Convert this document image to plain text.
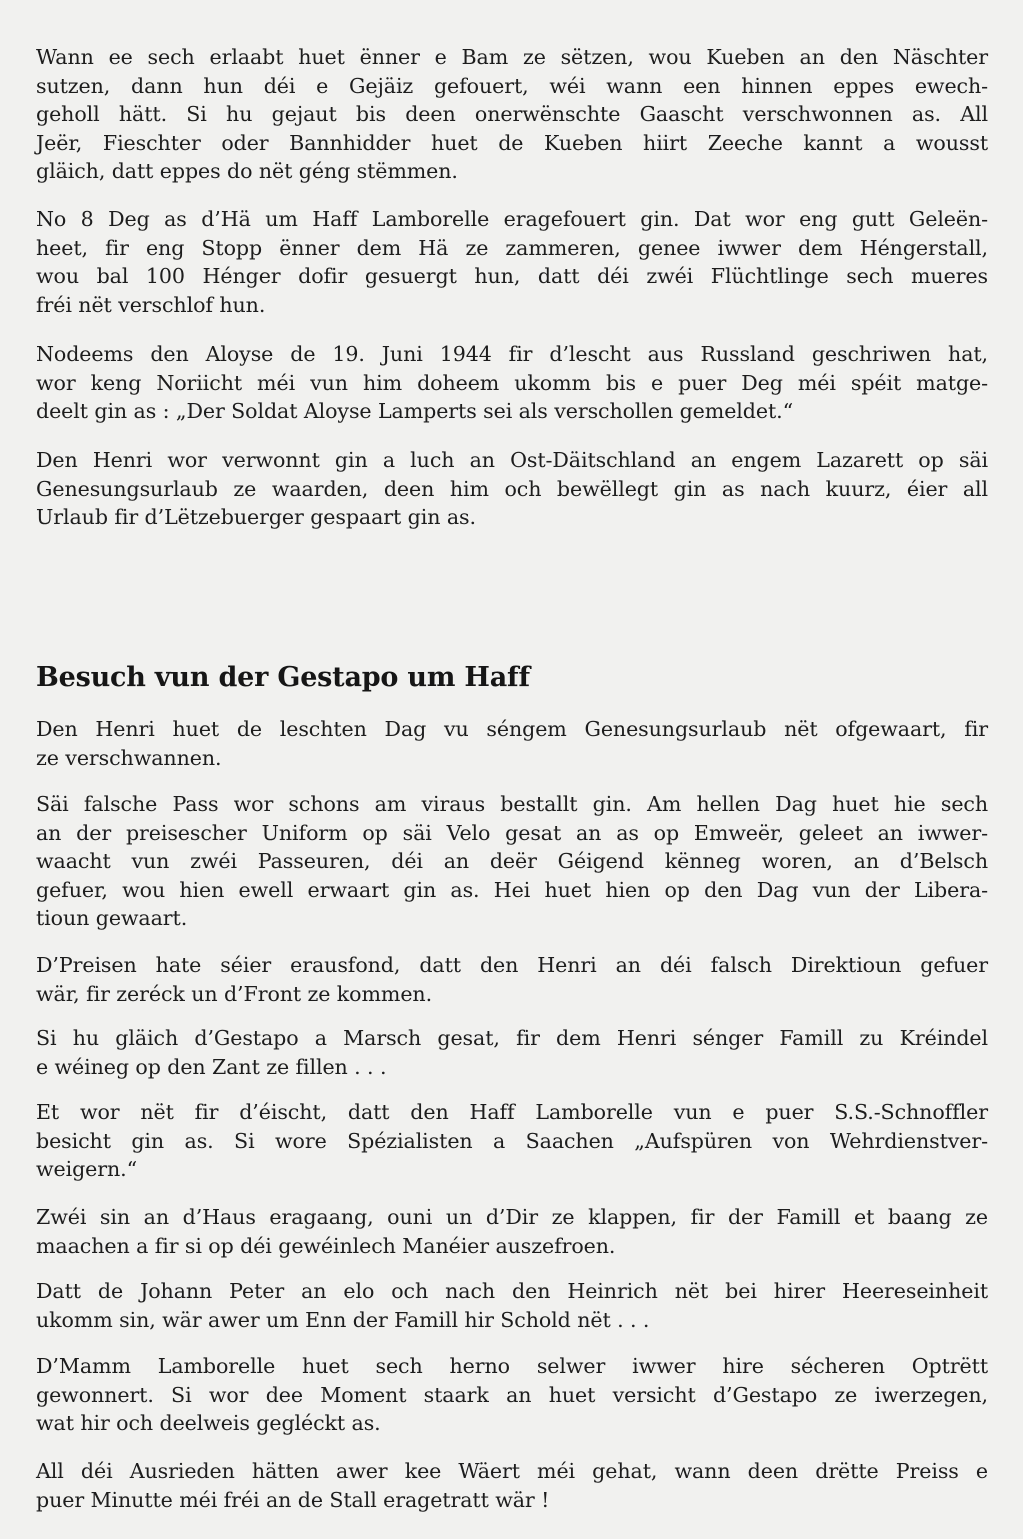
Wann ee sech erlaabt huet ënner e Bam ze sëtzen, wou Kueben an den Näschter
sutzen, dann hun déi e Gejäiz gefouert, wéi wann een hinnen eppes ewech-
geholl hätt. Si hu gejaut bis deen onerwënschte Gaascht verschwonnen as. All
Jeër, Fieschter oder Bannhidder huet de Kueben hiirt Zeeche kannt a wousst
gläich, datt eppes do nët géng stëmmen.

No 8 Deg as d’Hä um Haff Lamborelle eragefouert gin. Dat wor eng gutt Geleën-
heet, fir eng Stopp ënner dem Hä ze zammeren, genee iwwer dem Héngerstall,
wou bal 100 Hénger dofir gesuergt hun, datt déi zwéi Flüchtlinge sech mueres
fréi nët verschlof hun.

Nodeems den Aloyse de 19. Juni 1944 fir d’lescht aus Russland geschriwen hat,
wor keng Noriicht méi vun him doheem ukomm bis e puer Deg méi spéit matge-
deelt gin as : „Der Soldat Aloyse Lamperts sei als verschollen gemeldet.“

Den Henri wor verwonnt gin a luch an Ost-Däitschland an engem Lazarett op säi
Genesungsurlaub ze waarden, deen him och bewëllegt gin as nach kuurz, éier all
Urlaub fir d’Lëtzebuerger gespaart gin as.

Besuch vun der Gestapo um Haff

Den Henri huet de leschten Dag vu séngem Genesungsurlaub nët ofgewaart, fir
ze verschwannen.

Säi falsche Pass wor schons am viraus bestallt gin. Am hellen Dag huet hie sech
an der preisescher Uniform op säi Velo gesat an as op Emweër, geleet an iwwer-
waacht vun zwéi Passeuren, déi an deër Géigend kënneg woren, an d’Belsch
gefuer, wou hien ewell erwaart gin as. Hei huet hien op den Dag vun der Libera-
tioun gewaart.

D’Preisen hate séier erausfond, datt den Henri an déi falsch Direktioun gefuer
wär, fir zeréck un d’Front ze kommen.

Si hu gläich d’Gestapo a Marsch gesat, fir dem Henri sénger Famill zu Kréindel
e wéineg op den Zant ze fillen . . .

Et wor nët fir d’éischt, datt den Haff Lamborelle vun e puer S.S.-Schnoffler
besicht gin as. Si wore Spézialisten a Saachen „Aufspüren von Wehrdienstver-
weigern.“

Zwéi sin an d’Haus eragaang, ouni un d’Dir ze klappen, fir der Famill et baang ze
maachen a fir si op déi gewéinlech Manéier auszefroen.

Datt de Johann Peter an elo och nach den Heinrich nët bei hirer Heereseinheit
ukomm sin, wär awer um Enn der Famill hir Schold nët . . .

D’Mamm Lamborelle huet sech herno selwer iwwer hire sécheren Optrëtt
gewonnert. Si wor dee Moment staark an huet versicht d’Gestapo ze iwerzegen,
wat hir och deelweis gegléckt as.

All déi Ausrieden hätten awer kee Wäert méi gehat, wann deen drëtte Preiss e
puer Minutte méi fréi an de Stall eragetratt wär !
